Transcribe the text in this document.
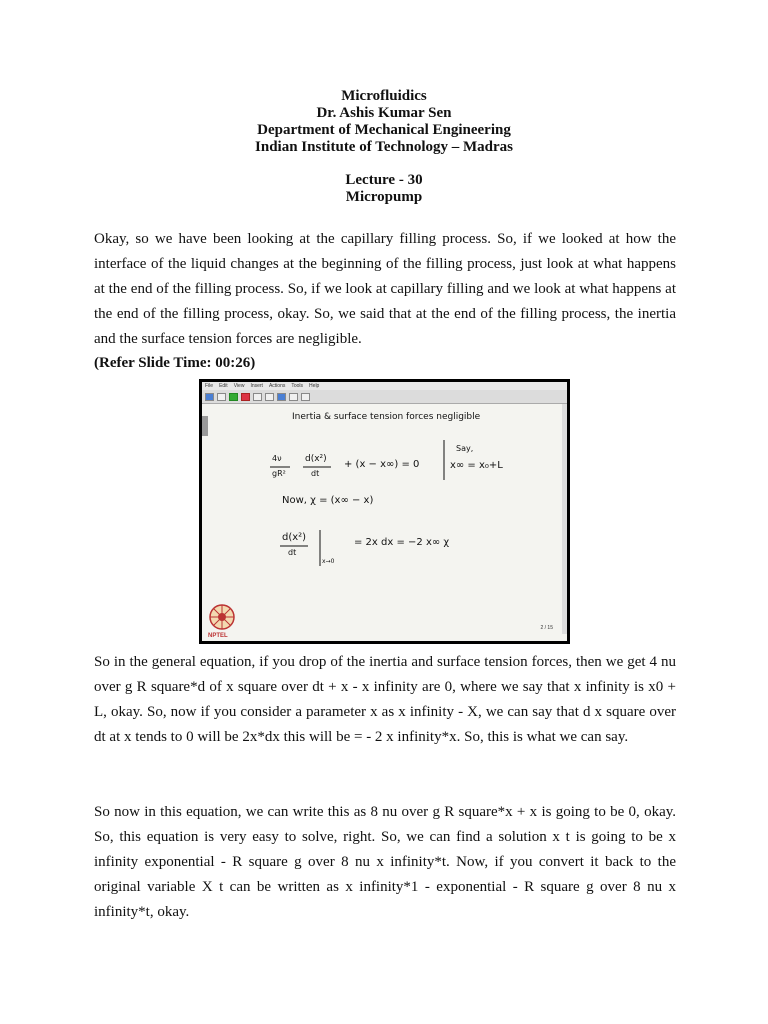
Microfluidics
Dr. Ashis Kumar Sen
Department of Mechanical Engineering
Indian Institute of Technology – Madras
Lecture - 30
Micropump

Okay, so we have been looking at the capillary filling process. So, if we looked at how the interface of the liquid changes at the beginning of the filling process, just look at what happens at the end of the filling process. So, if we look at capillary filling and we look at what happens at the end of the filling process, okay. So, we said that at the end of the filling process, the inertia and the surface tension forces are negligible.

(Refer Slide Time: 00:26)
File Edit View Insert Actions Tools Help
Inertia & surface tension forces negligible
4ν
gR²
d(x²)
dt
+ (x − x∞) = 0
Say,
x∞ = x₀+L
Now, χ = (x∞ − x)
d(x²)
dt
x→0
= 2x dx = −2 x∞ χ
NPTEL
2 / 15

So in the general equation, if you drop of the inertia and surface tension forces, then we get 4 nu over g R square*d of x square over dt + x - x infinity are 0, where we say that x infinity is x0 + L, okay. So, now if you consider a parameter x as x infinity - X, we can say that d x square over dt at x tends to 0 will be 2x*dx this will be = - 2 x infinity*x. So, this is what we can say.

So now in this equation, we can write this as 8 nu over g R square*x + x is going to be 0, okay. So, this equation is very easy to solve, right. So, we can find a solution x t is going to be x infinity exponential - R square g over 8 nu x infinity*t. Now, if you convert it back to the original variable X t can be written as x infinity*1 - exponential - R square g over 8 nu x infinity*t, okay.
